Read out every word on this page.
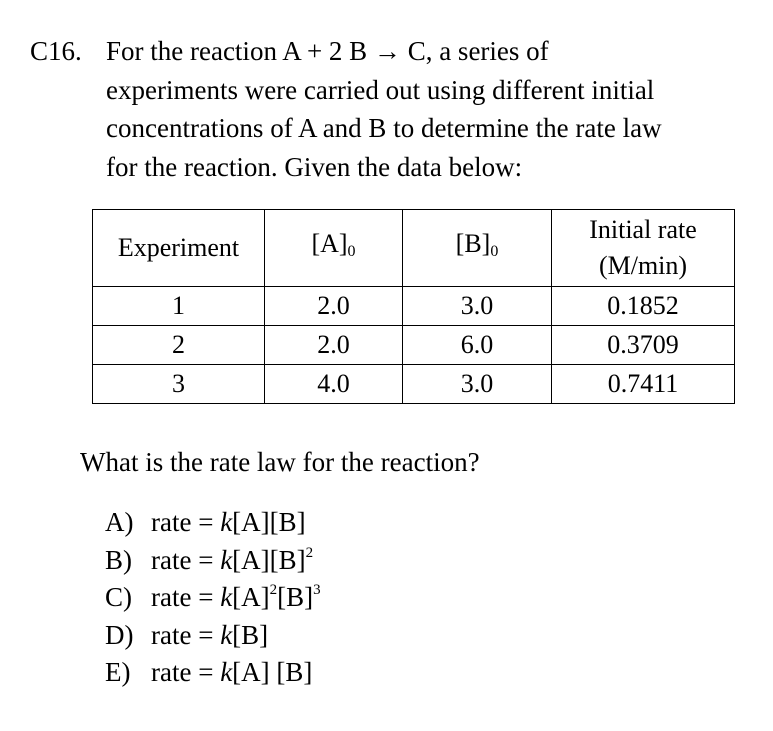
C16. For the reaction A + 2 B → C, a series of
experiments were carried out using different initial
concentrations of A and B to determine the rate law
for the reaction. Given the data below:
Experiment	$[A]_0$	$[B]_0$	Initial rate
(M/min)

1	2.0	3.0	0.1852
2	2.0	6.0	0.3709
3	4.0	3.0	0.7411
What is the rate law for the reaction?
A) rate = k[A][B]
B) rate = $k[A][B]^2$
C) rate = $k[A]^2[B]^3$
D) rate = k[B]
E) rate = k[A] [B]
